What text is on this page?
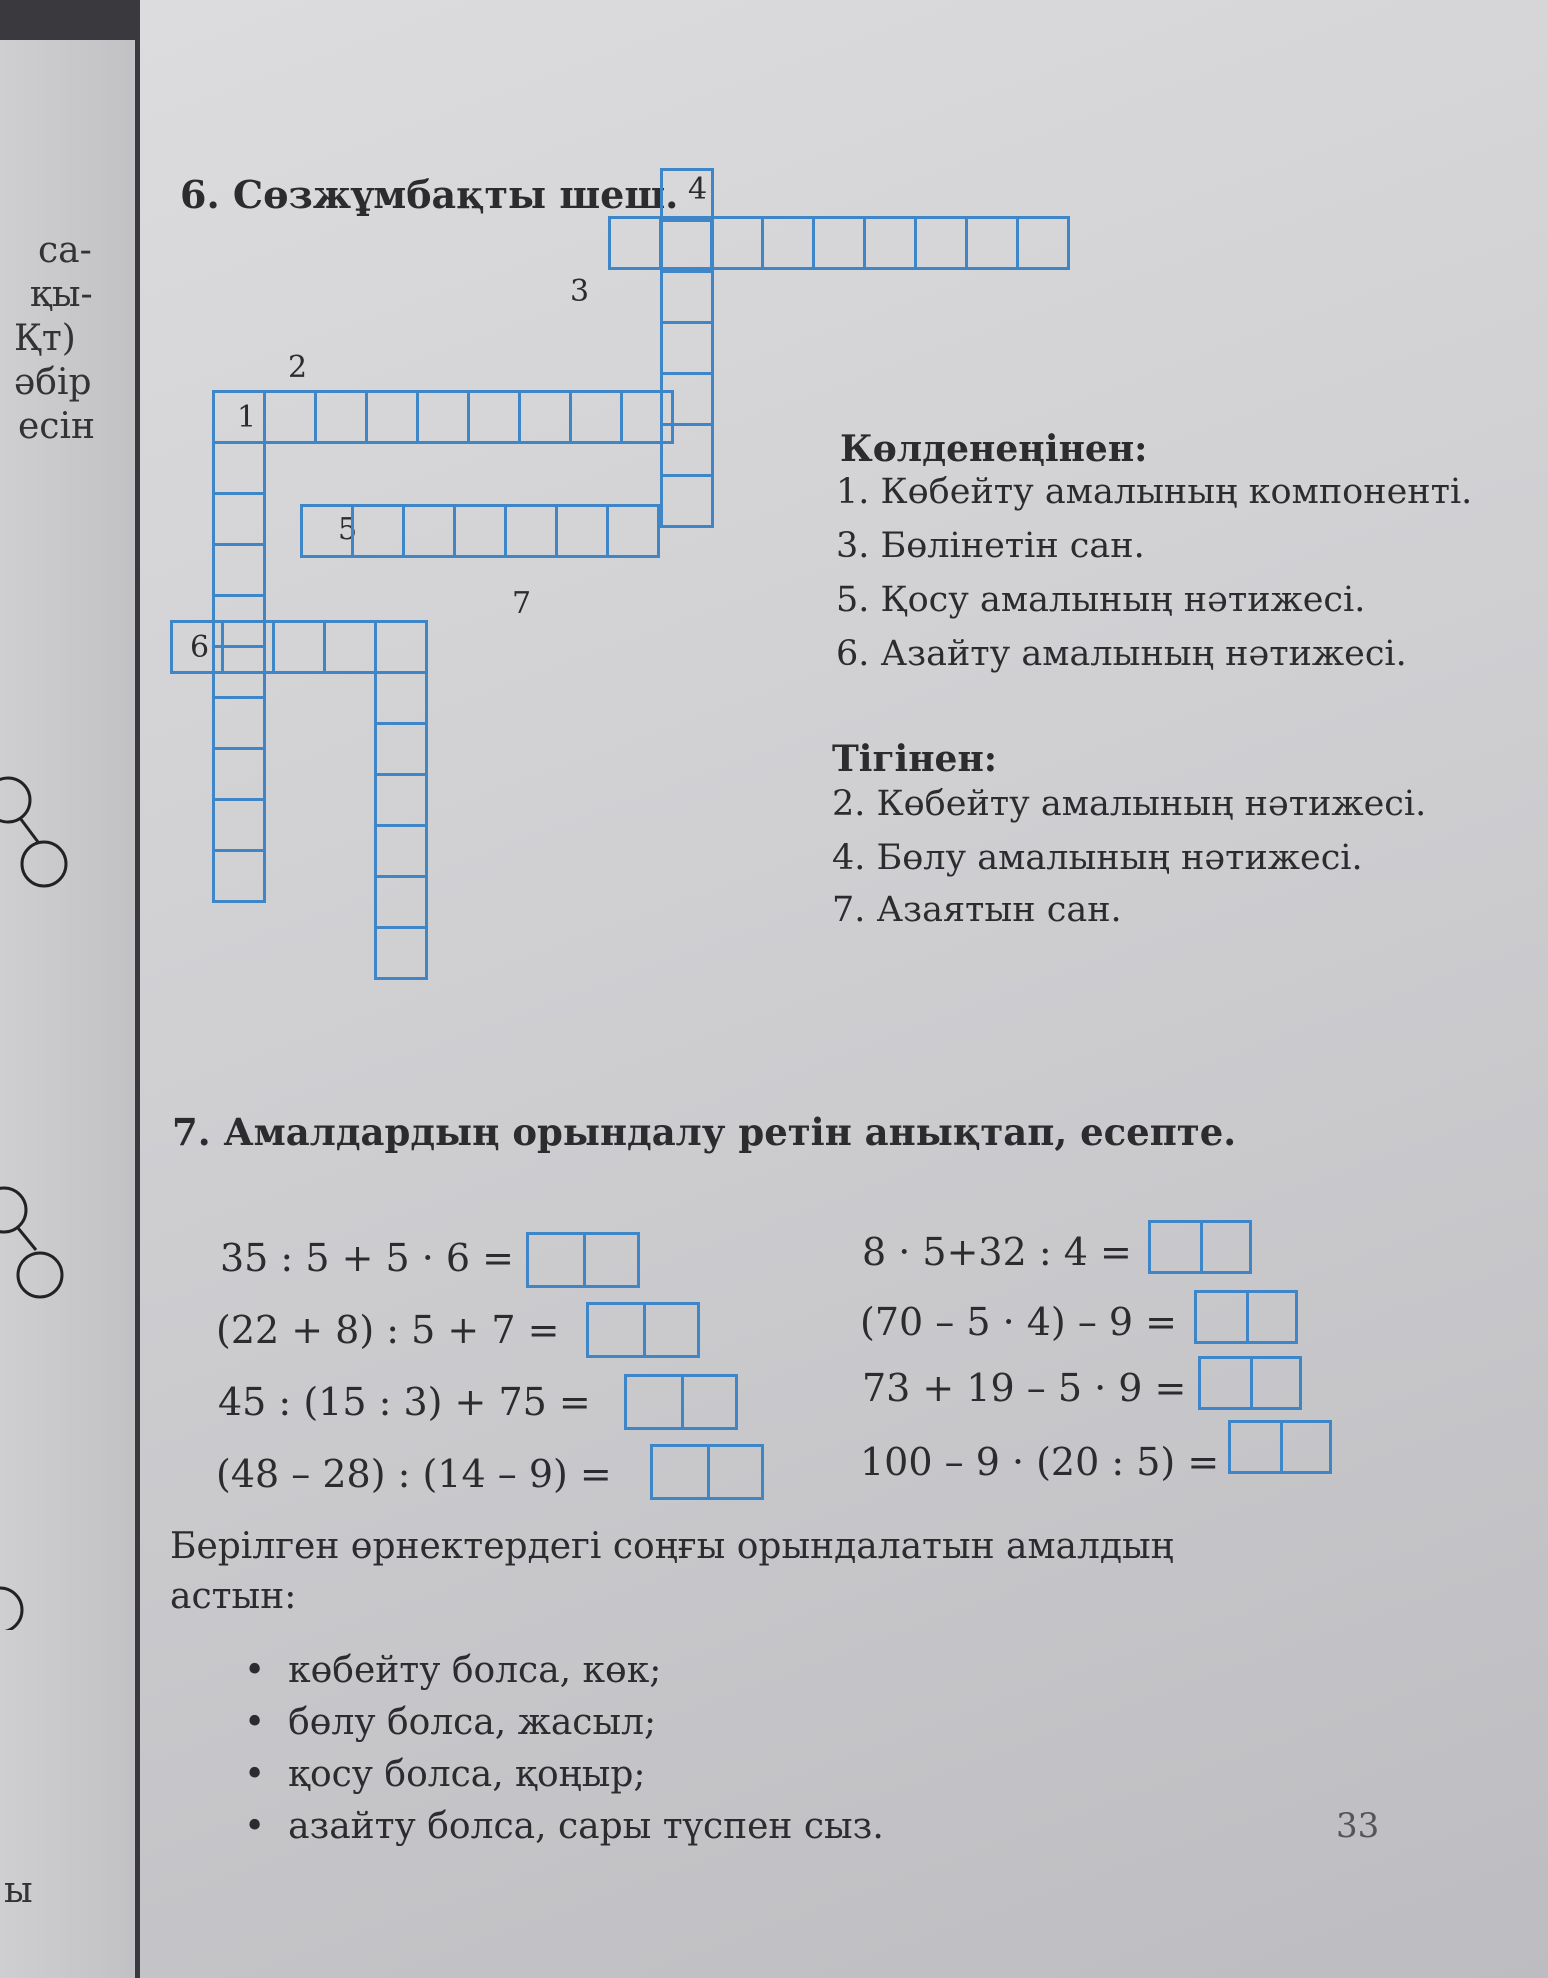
са-
қы-
Қт)
әбір
есін
ы
6. Сөзжұмбақты шеш. 4
3
2
1
5
7
6
Көлденеңінен:
1. Көбейту амалының компоненті.
3. Бөлінетін сан.
5. Қосу амалының нәтижесі.
6. Азайту амалының нәтижесі.
Тігінен:
2. Көбейту амалының нәтижесі.
4. Бөлу амалының нәтижесі.
7. Азаятын сан.
7. Амалдардың орындалу ретін анықтап, есепте.
35 : 5 + 5 · 6 =
(22 + 8) : 5 + 7 =
45 : (15 : 3) + 75 =
(48 – 28) : (14 – 9) =
8 · 5+32 : 4 =
(70 – 5 · 4) – 9 =
73 + 19 – 5 · 9 =
100 – 9 · (20 : 5) =
Берілген өрнектердегі соңғы орындалатын амалдың
астын:
•  көбейту болса, көк;
•  бөлу болса, жасыл;
•  қосу болса, қоңыр;
•  азайту болса, сары түспен сыз.	33
